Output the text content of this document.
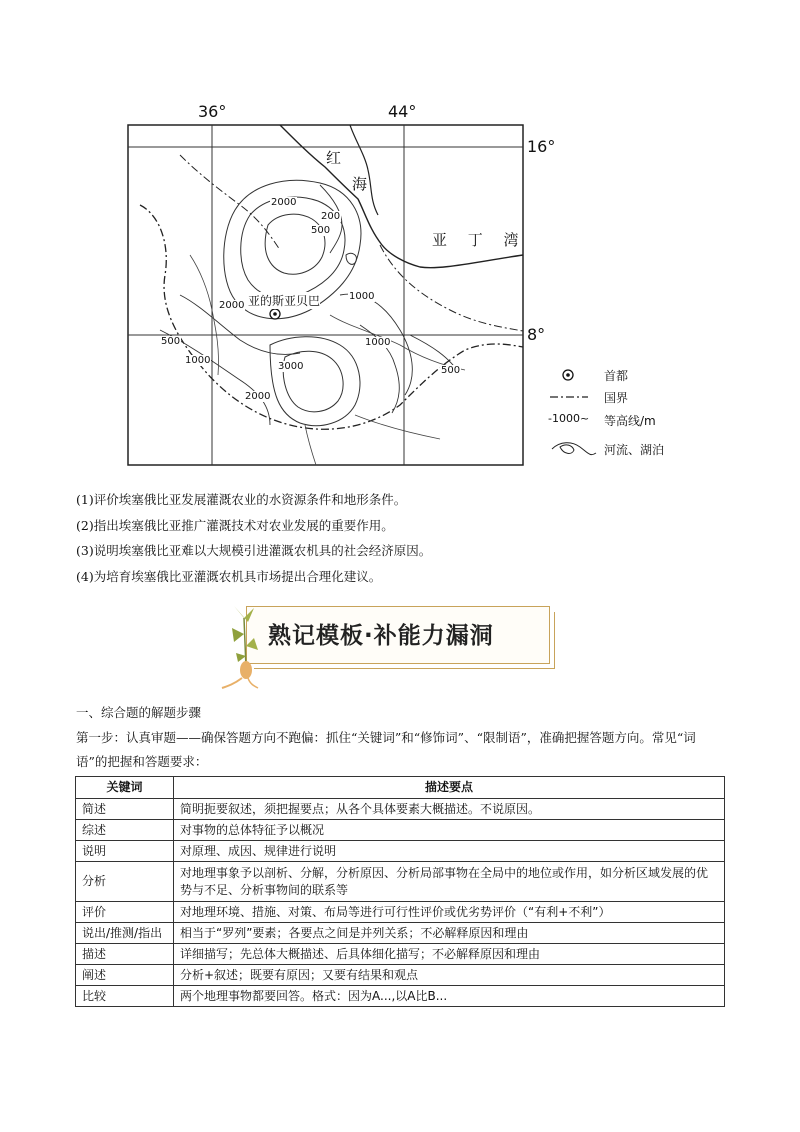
36°	44°
16°
8°
红
海
亚 丁 湾
亚的斯亚贝巴
2000
200
500
1000
2000
500
1000
1000
3000	500
2000
首都
国界
-1000~ 等高线/m
河流、湖泊
(1)评价埃塞俄比亚发展灌溉农业的水资源条件和地形条件。
(2)指出埃塞俄比亚推广灌溉技术对农业发展的重要作用。
(3)说明埃塞俄比亚难以大规模引进灌溉农机具的社会经济原因。
(4)为培育埃塞俄比亚灌溉农机具市场提出合理化建议。
熟记模板·补能力漏洞
一、综合题的解题步骤
第一步：认真审题——确保答题方向不跑偏：抓住“关键词”和“修饰词”、“限制语”，准确把握答题方向。常见“词语”的把握和答题要求：
关键词	描述要点
简述	简明扼要叙述，须把握要点；从各个具体要素大概描述。不说原因。
综述	对事物的总体特征予以概况
说明	对原理、成因、规律进行说明
分析	对地理事象予以剖析、分解，分析原因、分析局部事物在全局中的地位或作用，如分析区域发展的优势与不足、分析事物间的联系等
评价	对地理环境、措施、对策、布局等进行可行性评价或优劣势评价（“有利+不利”）
说出/推测/指出	相当于“罗列”要素；各要点之间是并列关系；不必解释原因和理由
描述	详细描写；先总体大概描述、后具体细化描写；不必解释原因和理由
阐述	分析+叙述；既要有原因；又要有结果和观点
比较	两个地理事物都要回答。格式：因为A...,以A比B...
